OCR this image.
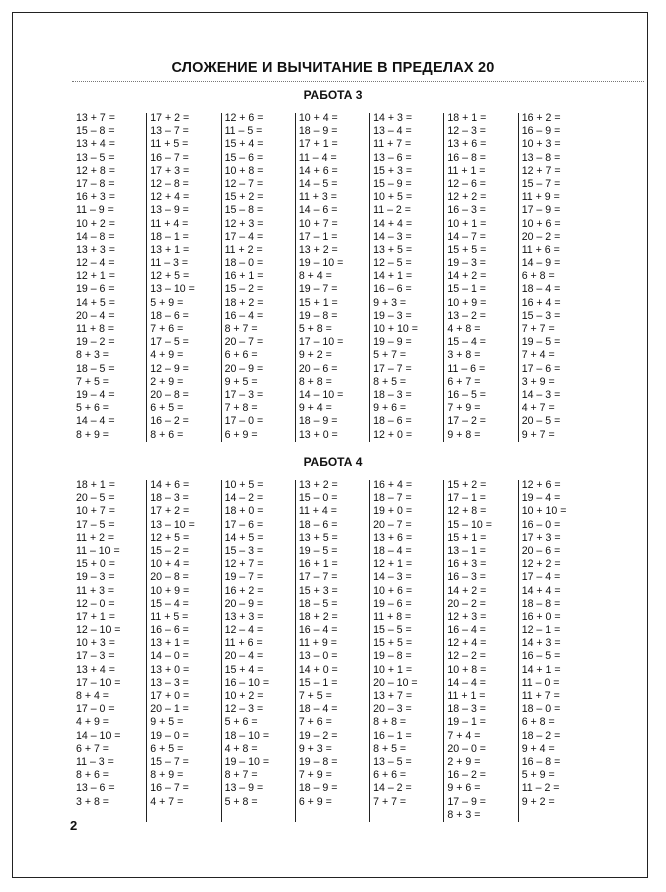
СЛОЖЕНИЕ И ВЫЧИТАНИЕ В ПРЕДЕЛАХ 20
РАБОТА 3
13 + 7 =
15 – 8 =
13 + 4 =
13 – 5 =
12 + 8 =
17 – 8 =
16 + 3 =
11 – 9 =
10 + 2 =
14 – 8 =
13 + 3 =
12 – 4 =
12 + 1 =
19 – 6 =
14 + 5 =
20 – 4 =
11 + 8 =
19 – 2 =
8 + 3 =
18 – 5 =
7 + 5 =
19 – 4 =
5 + 6 =
14 – 4 =
8 + 9 =
17 + 2 =
13 – 7 =
11 + 5 =
16 – 7 =
17 + 3 =
12 – 8 =
12 + 4 =
13 – 9 =
11 + 4 =
18 – 1 =
13 + 1 =
11 – 3 =
12 + 5 =
13 – 10 =
5 + 9 =
18 – 6 =
7 + 6 =
17 – 5 =
4 + 9 =
12 – 9 =
2 + 9 =
20 – 8 =
6 + 5 =
16 – 2 =
8 + 6 =
12 + 6 =
11 – 5 =
15 + 4 =
15 – 6 =
10 + 8 =
12 – 7 =
15 + 2 =
15 – 8 =
12 + 3 =
17 – 4 =
11 + 2 =
18 – 0 =
16 + 1 =
15 – 2 =
18 + 2 =
16 – 4 =
8 + 7 =
20 – 7 =
6 + 6 =
20 – 9 =
9 + 5 =
17 – 3 =
7 + 8 =
17 – 0 =
6 + 9 =
10 + 4 =
18 – 9 =
17 + 1 =
11 – 4 =
14 + 6 =
14 – 5 =
11 + 3 =
14 – 6 =
10 + 7 =
17 – 1 =
13 + 2 =
19 – 10 =
8 + 4 =
19 – 7 =
15 + 1 =
19 – 8 =
5 + 8 =
17 – 10 =
9 + 2 =
20 – 6 =
8 + 8 =
14 – 10 =
9 + 4 =
18 – 9 =
13 + 0 =
14 + 3 =
13 – 4 =
11 + 7 =
13 – 6 =
15 + 3 =
15 – 9 =
10 + 5 =
11 – 2 =
14 + 4 =
14 – 3 =
13 + 5 =
12 – 5 =
14 + 1 =
16 – 6 =
9 + 3 =
19 – 3 =
10 + 10 =
19 – 9 =
5 + 7 =
17 – 7 =
8 + 5 =
18 – 3 =
9 + 6 =
18 – 6 =
12 + 0 =
18 + 1 =
12 – 3 =
13 + 6 =
16 – 8 =
11 + 1 =
12 – 6 =
12 + 2 =
16 – 3 =
10 + 1 =
14 – 7 =
15 + 5 =
19 – 3 =
14 + 2 =
15 – 1 =
10 + 9 =
13 – 2 =
4 + 8 =
15 – 4 =
3 + 8 =
11 – 6 =
6 + 7 =
16 – 5 =
7 + 9 =
17 – 2 =
9 + 8 =
16 + 2 =
16 – 9 =
10 + 3 =
13 – 8 =
12 + 7 =
15 – 7 =
11 + 9 =
17 – 9 =
10 + 6 =
20 – 2 =
11 + 6 =
14 – 9 =
6 + 8 =
18 – 4 =
16 + 4 =
15 – 3 =
7 + 7 =
19 – 5 =
7 + 4 =
17 – 6 =
3 + 9 =
14 – 3 =
4 + 7 =
20 – 5 =
9 + 7 =
РАБОТА 4
18 + 1 =
20 – 5 =
10 + 7 =
17 – 5 =
11 + 2 =
11 – 10 =
15 + 0 =
19 – 3 =
11 + 3 =
12 – 0 =
17 + 1 =
12 – 10 =
10 + 3 =
17 – 3 =
13 + 4 =
17 – 10 =
8 + 4 =
17 – 0 =
4 + 9 =
14 – 10 =
6 + 7 =
11 – 3 =
8 + 6 =
13 – 6 =
3 + 8 =
14 + 6 =
18 – 3 =
17 + 2 =
13 – 10 =
12 + 5 =
15 – 2 =
10 + 4 =
20 – 8 =
10 + 9 =
15 – 4 =
11 + 5 =
16 – 6 =
13 + 1 =
14 – 0 =
13 + 0 =
13 – 3 =
17 + 0 =
20 – 1 =
9 + 5 =
19 – 0 =
6 + 5 =
15 – 7 =
8 + 9 =
16 – 7 =
4 + 7 =
10 + 5 =
14 – 2 =
18 + 0 =
17 – 6 =
14 + 5 =
15 – 3 =
12 + 7 =
19 – 7 =
16 + 2 =
20 – 9 =
13 + 3 =
12 – 4 =
11 + 6 =
20 – 4 =
15 + 4 =
16 – 10 =
10 + 2 =
12 – 3 =
5 + 6 =
18 – 10 =
4 + 8 =
19 – 10 =
8 + 7 =
13 – 9 =
5 + 8 =
13 + 2 =
15 – 0 =
11 + 4 =
18 – 6 =
13 + 5 =
19 – 5 =
16 + 1 =
17 – 7 =
15 + 3 =
18 – 5 =
18 + 2 =
16 – 4 =
11 + 9 =
13 – 0 =
14 + 0 =
15 – 1 =
7 + 5 =
18 – 4 =
7 + 6 =
19 – 2 =
9 + 3 =
19 – 8 =
7 + 9 =
18 – 9 =
6 + 9 =
16 + 4 =
18 – 7 =
19 + 0 =
20 – 7 =
13 + 6 =
18 – 4 =
12 + 1 =
14 – 3 =
10 + 6 =
19 – 6 =
11 + 8 =
15 – 5 =
15 + 5 =
19 – 8 =
10 + 1 =
20 – 10 =
13 + 7 =
20 – 3 =
8 + 8 =
16 – 1 =
8 + 5 =
13 – 5 =
6 + 6 =
14 – 2 =
7 + 7 =
15 + 2 =
17 – 1 =
12 + 8 =
15 – 10 =
15 + 1 =
13 – 1 =
16 + 3 =
16 – 3 =
14 + 2 =
20 – 2 =
12 + 3 =
16 – 4 =
12 + 4 =
12 – 2 =
10 + 8 =
14 – 4 =
11 + 1 =
18 – 3 =
19 – 1 =
7 + 4 =
20 – 0 =
2 + 9 =
16 – 2 =
9 + 6 =
17 – 9 =
8 + 3 =
12 + 6 =
19 – 4 =
10 + 10 =
16 – 0 =
17 + 3 =
20 – 6 =
12 + 2 =
17 – 4 =
14 + 4 =
18 – 8 =
16 + 0 =
12 – 1 =
14 + 3 =
16 – 5 =
14 + 1 =
11 – 0 =
11 + 7 =
18 – 0 =
6 + 8 =
18 – 2 =
9 + 4 =
16 – 8 =
5 + 9 =
11 – 2 =
9 + 2 =
2
